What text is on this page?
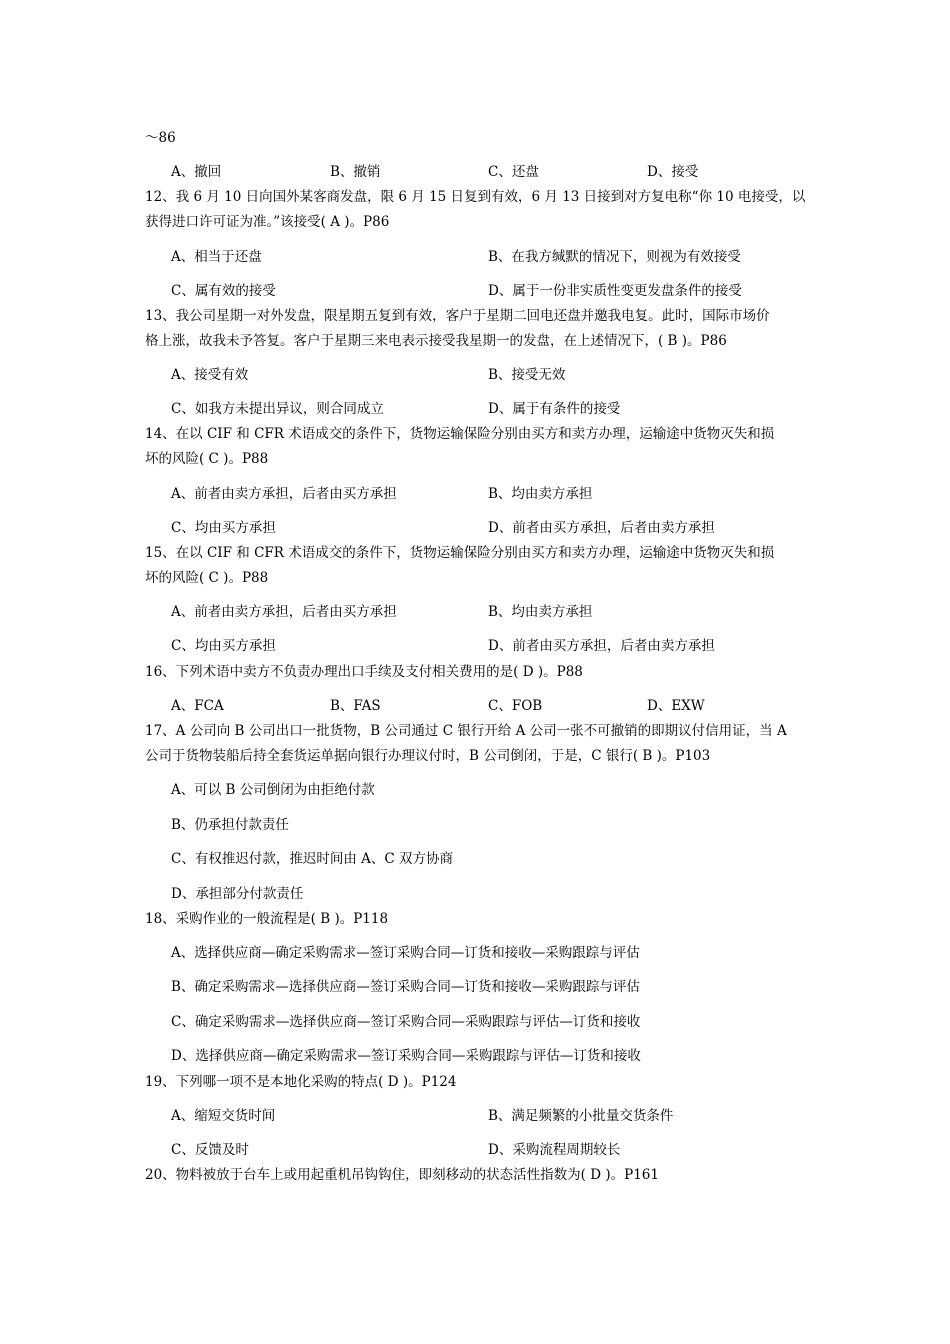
～86
A、撤回	B、撤销	C、还盘	D、接受
12、我 6 月 10 日向国外某客商发盘，限 6 月 15 日复到有效，6 月 13 日接到对方复电称“你 10 电接受，以
获得进口许可证为准。”该接受( A )。P86
A、相当于还盘	B、在我方缄默的情况下，则视为有效接受
C、属有效的接受	D、属于一份非实质性变更发盘条件的接受
13、我公司星期一对外发盘，限星期五复到有效，客户于星期二回电还盘并邀我电复。此时，国际市场价
格上涨，故我未予答复。客户于星期三来电表示接受我星期一的发盘，在上述情况下，( B )。P86
A、接受有效	B、接受无效
C、如我方未提出异议，则合同成立	D、属于有条件的接受
14、在以 CIF 和 CFR 术语成交的条件下，货物运输保险分别由买方和卖方办理，运输途中货物灭失和损
坏的风险( C )。P88
A、前者由卖方承担，后者由买方承担	B、均由卖方承担
C、均由买方承担	D、前者由买方承担，后者由卖方承担
15、在以 CIF 和 CFR 术语成交的条件下，货物运输保险分别由买方和卖方办理，运输途中货物灭失和损
坏的风险( C )。P88
A、前者由卖方承担，后者由买方承担	B、均由卖方承担
C、均由买方承担	D、前者由买方承担，后者由卖方承担
16、下列术语中卖方不负责办理出口手续及支付相关费用的是( D )。P88
A、FCA	B、FAS	C、FOB	D、EXW
17、A 公司向 B 公司出口一批货物，B 公司通过 C 银行开给 A 公司一张不可撤销的即期议付信用证，当 A
公司于货物装船后持全套货运单据向银行办理议付时，B 公司倒闭，于是，C 银行( B )。P103
A、可以 B 公司倒闭为由拒绝付款
B、仍承担付款责任
C、有权推迟付款，推迟时间由 A、C 双方协商
D、承担部分付款责任
18、采购作业的一般流程是( B )。P118
A、选择供应商—确定采购需求—签订采购合同—订货和接收—采购跟踪与评估
B、确定采购需求—选择供应商—签订采购合同—订货和接收—采购跟踪与评估
C、确定采购需求—选择供应商—签订采购合同—采购跟踪与评估—订货和接收
D、选择供应商—确定采购需求—签订采购合同—采购跟踪与评估—订货和接收
19、下列哪一项不是本地化采购的特点( D )。P124
A、缩短交货时间	B、满足频繁的小批量交货条件
C、反馈及时	D、采购流程周期较长
20、物料被放于台车上或用起重机吊钩钩住，即刻移动的状态活性指数为( D )。P161
